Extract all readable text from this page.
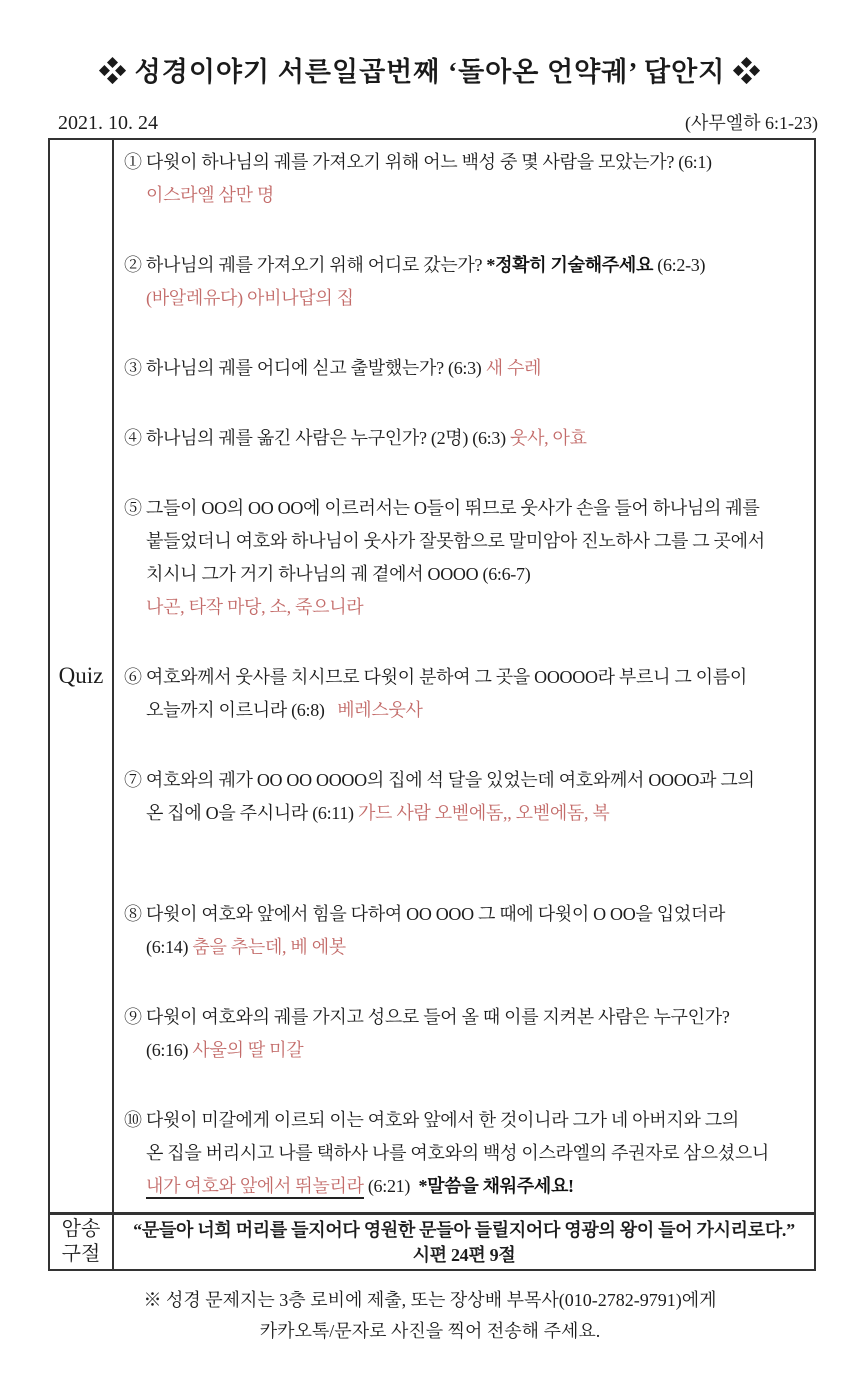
❖ 성경이야기 서른일곱번째 ‘돌아온 언약궤’ 답안지 ❖
2021. 10. 24	(사무엘하 6:1-23)
Quiz
① 다윗이 하나님의 궤를 가져오기 위해 어느 백성 중 몇 사람을 모았는가? (6:1)
이스라엘 삼만 명
② 하나님의 궤를 가져오기 위해 어디로 갔는가? *정확히 기술해주세요 (6:2-3)
(바알레유다) 아비나답의 집
③ 하나님의 궤를 어디에 싣고 출발했는가? (6:3) 새 수레
④ 하나님의 궤를 옮긴 사람은 누구인가? (2명) (6:3) 웃사, 아효
⑤ 그들이 OO의 OO OO에 이르러서는 O들이 뛰므로 웃사가 손을 들어 하나님의 궤를
붙들었더니 여호와 하나님이 웃사가 잘못함으로 말미암아 진노하사 그를 그 곳에서
치시니 그가 거기 하나님의 궤 곁에서 OOOO (6:6-7)
나곤, 타작 마당, 소, 죽으니라
⑥ 여호와께서 웃사를 치시므로 다윗이 분하여 그 곳을 OOOOO라 부르니 그 이름이
오늘까지 이르니라 (6:8)   베레스웃사
⑦ 여호와의 궤가 OO OO OOOO의 집에 석 달을 있었는데 여호와께서 OOOO과 그의
온 집에 O을 주시니라 (6:11) 가드 사람 오벧에돔,, 오벧에돔, 복
⑧ 다윗이 여호와 앞에서 힘을 다하여 OO OOO 그 때에 다윗이 O OO을 입었더라
(6:14) 춤을 추는데, 베 에봇
⑨ 다윗이 여호와의 궤를 가지고 성으로 들어 올 때 이를 지켜본 사람은 누구인가?
(6:16) 사울의 딸 미갈
⑩ 다윗이 미갈에게 이르되 이는 여호와 앞에서 한 것이니라 그가 네 아버지와 그의
온 집을 버리시고 나를 택하사 나를 여호와의 백성 이스라엘의 주권자로 삼으셨으니
내가 여호와 앞에서 뛰놀리라 (6:21)  *말씀을 채워주세요!
암송
구절
“문들아 너희 머리를 들지어다 영원한 문들아 들릴지어다 영광의 왕이 들어 가시리로다.”
시편 24편 9절
※ 성경 문제지는 3층 로비에 제출, 또는 장상배 부목사(010-2782-9791)에게
카카오톡/문자로 사진을 찍어 전송해 주세요.
